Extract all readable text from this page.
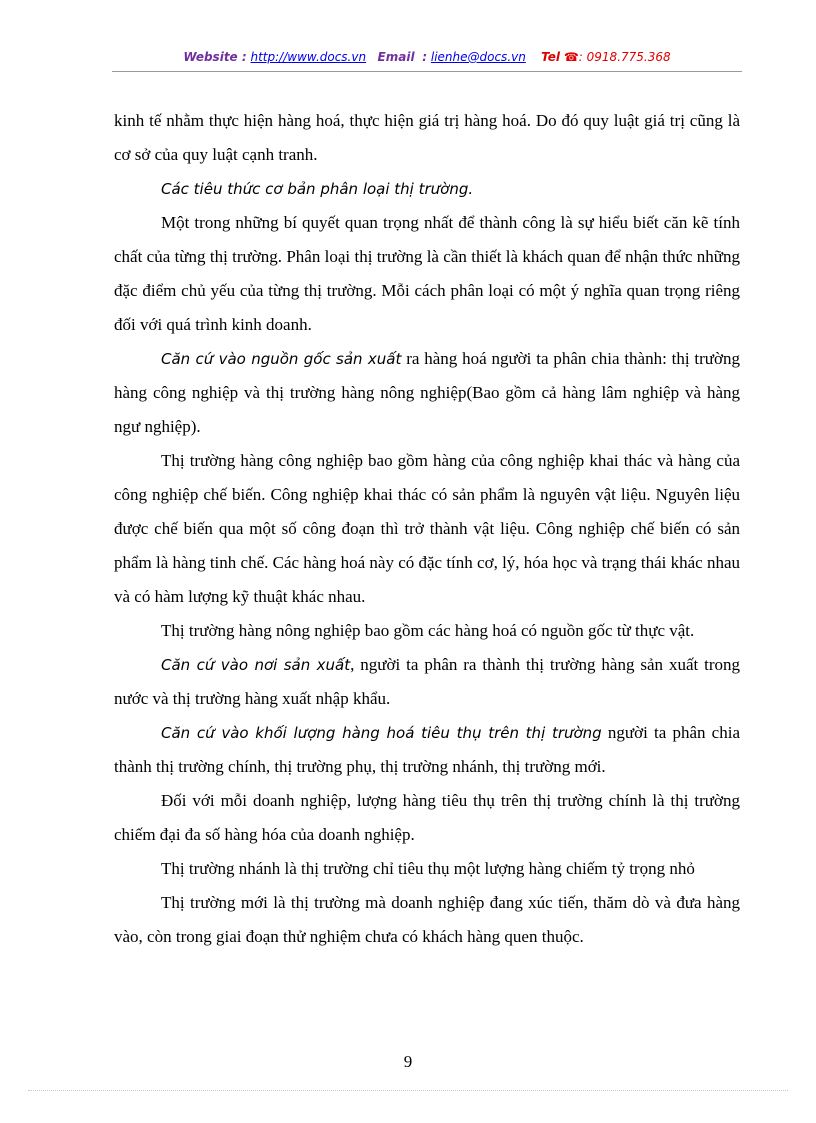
Website : http://www.docs.vn Email : lienhe@docs.vn Tel ☎: 0918.775.368

kinh tế nhằm thực hiện hàng hoá, thực hiện giá trị hàng hoá. Do đó quy luật giá trị cũng là cơ sở của quy luật cạnh tranh.

Các tiêu thức cơ bản phân loại thị trường.

Một trong những bí quyết quan trọng nhất để thành công là sự hiểu biết căn kẽ tính chất của từng thị trường. Phân loại thị trường là cần thiết là khách quan để nhận thức những đặc điểm chủ yếu của từng thị trường. Mỗi cách phân loại có một ý nghĩa quan trọng riêng đối với quá trình kinh doanh.

Căn cứ vào nguồn gốc sản xuất ra hàng hoá người ta phân chia thành: thị trường hàng công nghiệp và thị trường hàng nông nghiệp(Bao gồm cả hàng lâm nghiệp và hàng ngư nghiệp).

Thị trường hàng công nghiệp bao gồm hàng của công nghiệp khai thác và hàng của công nghiệp chế biến. Công nghiệp khai thác có sản phẩm là nguyên vật liệu. Nguyên liệu được chế biến qua một số công đoạn thì trở thành vật liệu. Công nghiệp chế biến có sản phẩm là hàng tinh chế. Các hàng hoá này có đặc tính cơ, lý, hóa học và trạng thái khác nhau và có hàm lượng kỹ thuật khác nhau.

Thị trường hàng nông nghiệp bao gồm các hàng hoá có nguồn gốc từ thực vật.

Căn cứ vào nơi sản xuất, người ta phân ra thành thị trường hàng sản xuất trong nước và thị trường hàng xuất nhập khẩu.

Căn cứ vào khối lượng hàng hoá tiêu thụ trên thị trường người ta phân chia thành thị trường chính, thị trường phụ, thị trường nhánh, thị trường mới.

Đối với mỗi doanh nghiệp, lượng hàng tiêu thụ trên thị trường chính là thị trường chiếm đại đa số hàng hóa của doanh nghiệp.

Thị trường nhánh là thị trường chỉ tiêu thụ một lượng hàng chiếm tỷ trọng nhỏ

Thị trường mới là thị trường mà doanh nghiệp đang xúc tiến, thăm dò và đưa hàng vào, còn trong giai đoạn thử nghiệm chưa có khách hàng quen thuộc.

9
